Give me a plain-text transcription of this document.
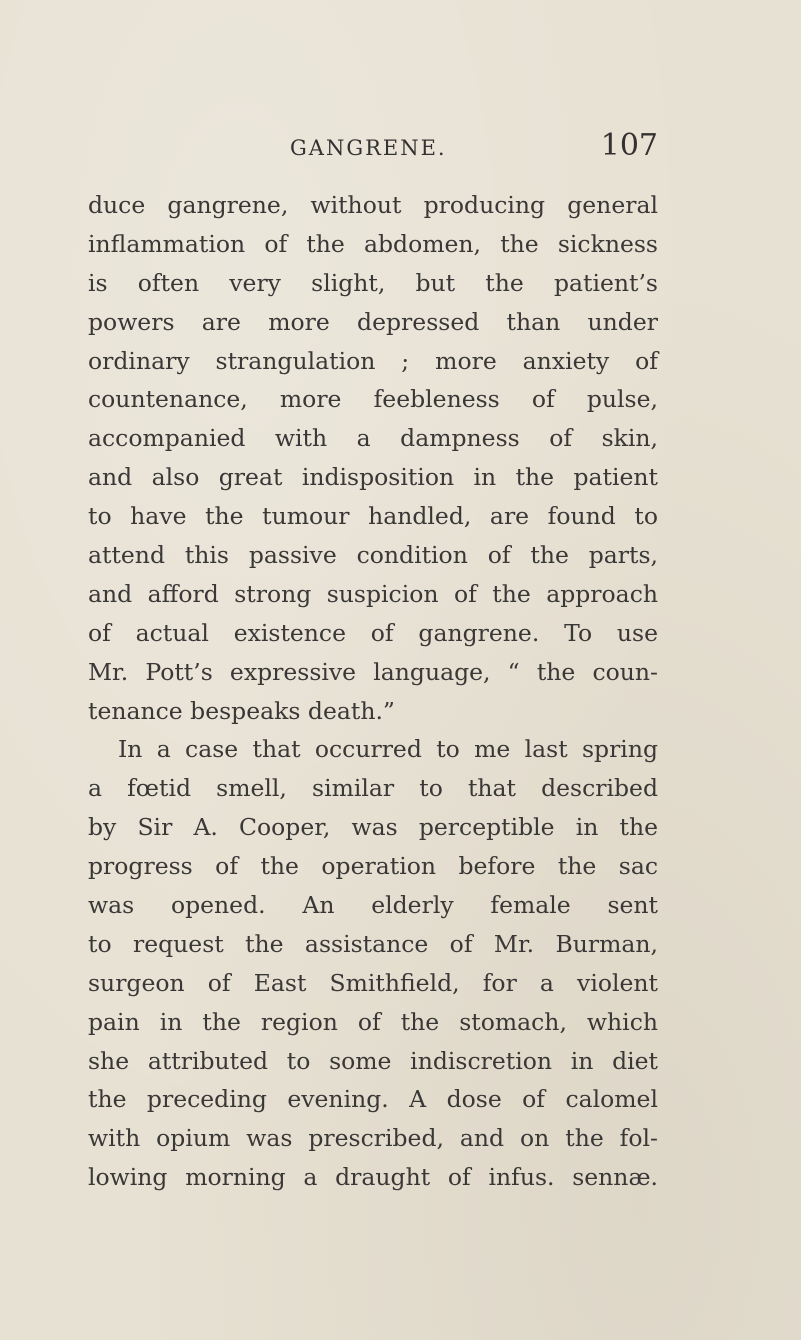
GANGRENE.	107
duce gangrene, without producing general
inflammation of the abdomen, the sickness
is often very slight, but the patient’s
powers are more depressed than under
ordinary strangulation ; more anxiety of
countenance, more feebleness of pulse,
accompanied with a dampness of skin,
and also great indisposition in the patient
to have the tumour handled, are found to
attend this passive condition of the parts,
and afford strong suspicion of the approach
of actual existence of gangrene. To use
Mr. Pott’s expressive language, “ the coun-
tenance bespeaks death.”
In a case that occurred to me last spring
a fœtid smell, similar to that described
by Sir A. Cooper, was perceptible in the
progress of the operation before the sac
was opened. An elderly female sent
to request the assistance of Mr. Burman,
surgeon of East Smithfield, for a violent
pain in the region of the stomach, which
she attributed to some indiscretion in diet
the preceding evening. A dose of calomel
with opium was prescribed, and on the fol-
lowing morning a draught of infus. sennæ.
